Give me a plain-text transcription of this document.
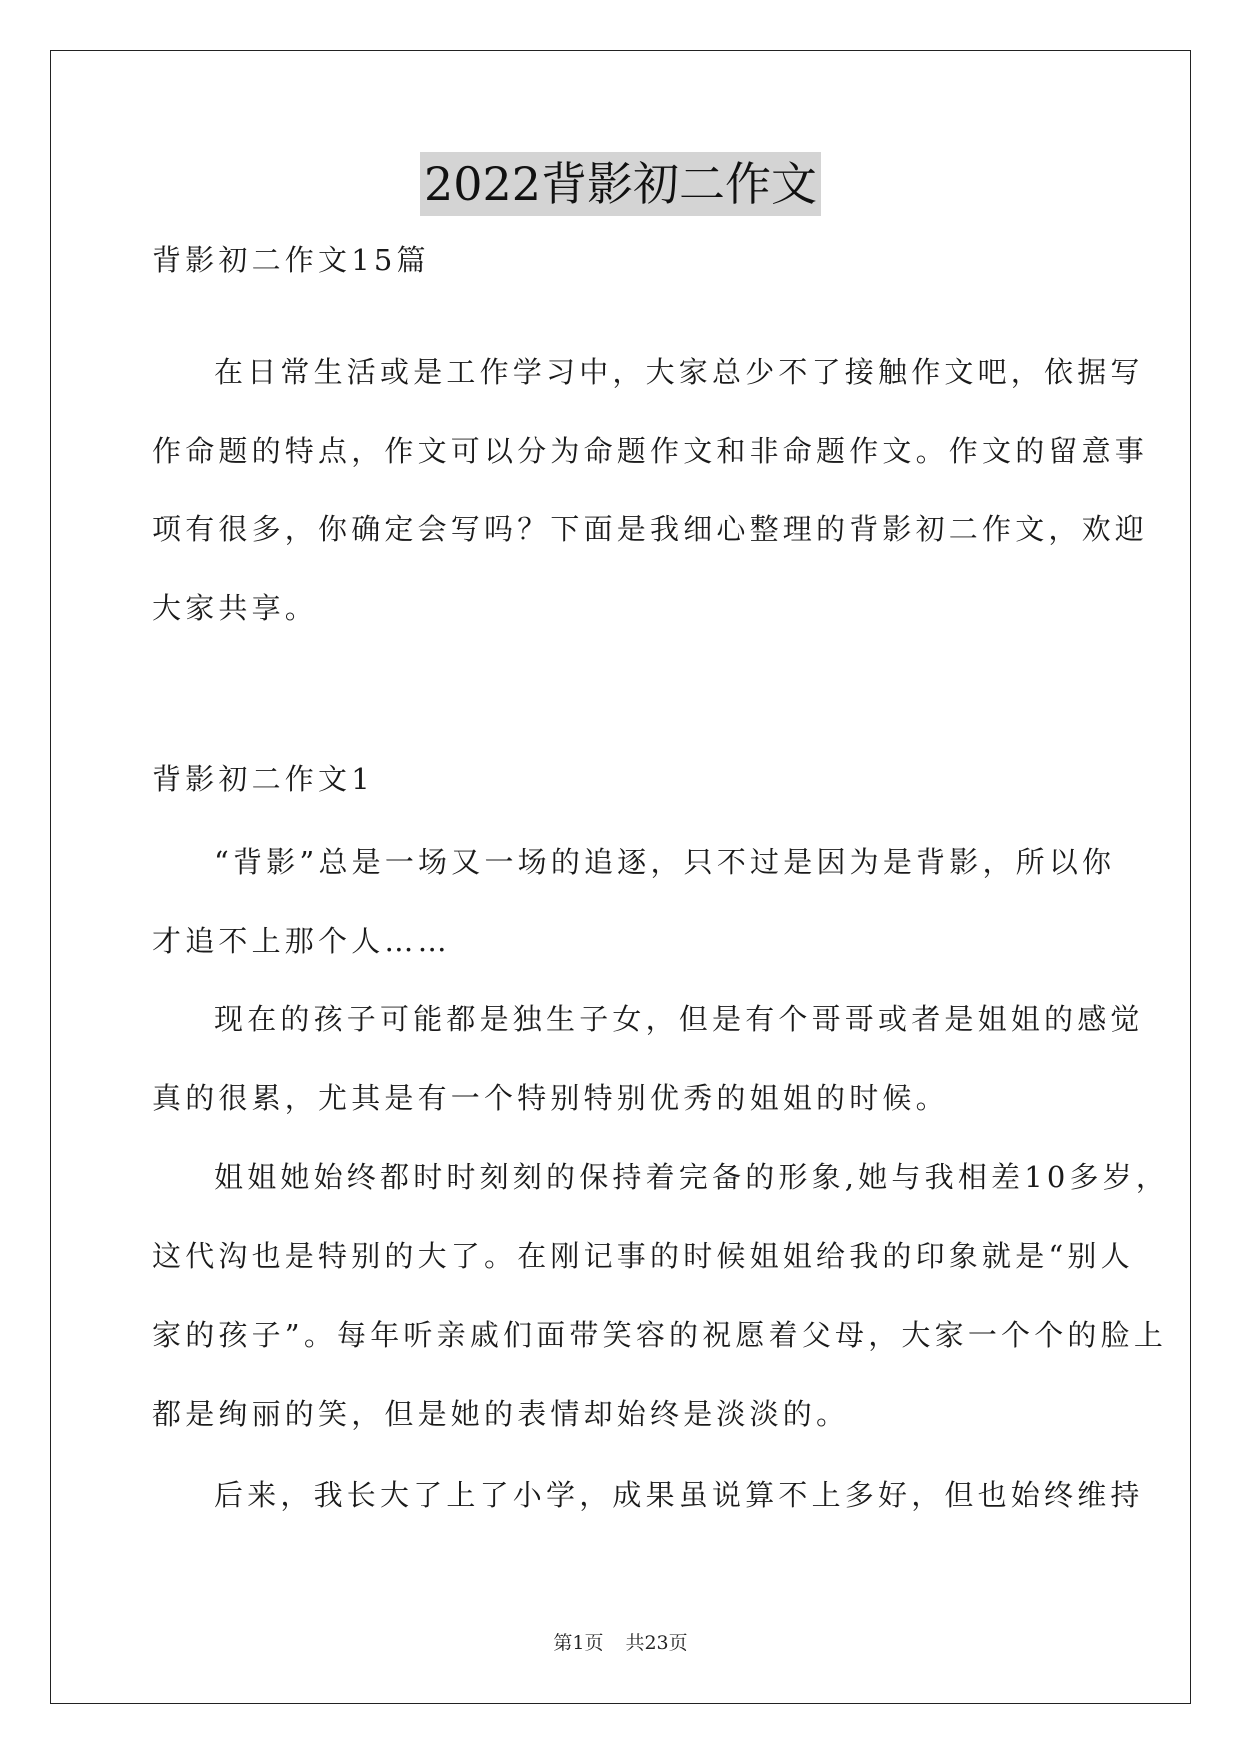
2022背影初二作文
背影初二作文15篇
在日常生活或是工作学习中，大家总少不了接触作文吧，依据写
作命题的特点，作文可以分为命题作文和非命题作文。作文的留意事
项有很多，你确定会写吗？下面是我细心整理的背影初二作文，欢迎
大家共享。
背影初二作文1
“背影”总是一场又一场的追逐，只不过是因为是背影，所以你
才追不上那个人……
现在的孩子可能都是独生子女，但是有个哥哥或者是姐姐的感觉
真的很累，尤其是有一个特别特别优秀的姐姐的时候。
姐姐她始终都时时刻刻的保持着完备的形象,她与我相差10多岁，
这代沟也是特别的大了。在刚记事的时候姐姐给我的印象就是“别人
家的孩子”。每年听亲戚们面带笑容的祝愿着父母，大家一个个的脸上
都是绚丽的笑，但是她的表情却始终是淡淡的。
后来，我长大了上了小学，成果虽说算不上多好，但也始终维持
第1页 共23页
